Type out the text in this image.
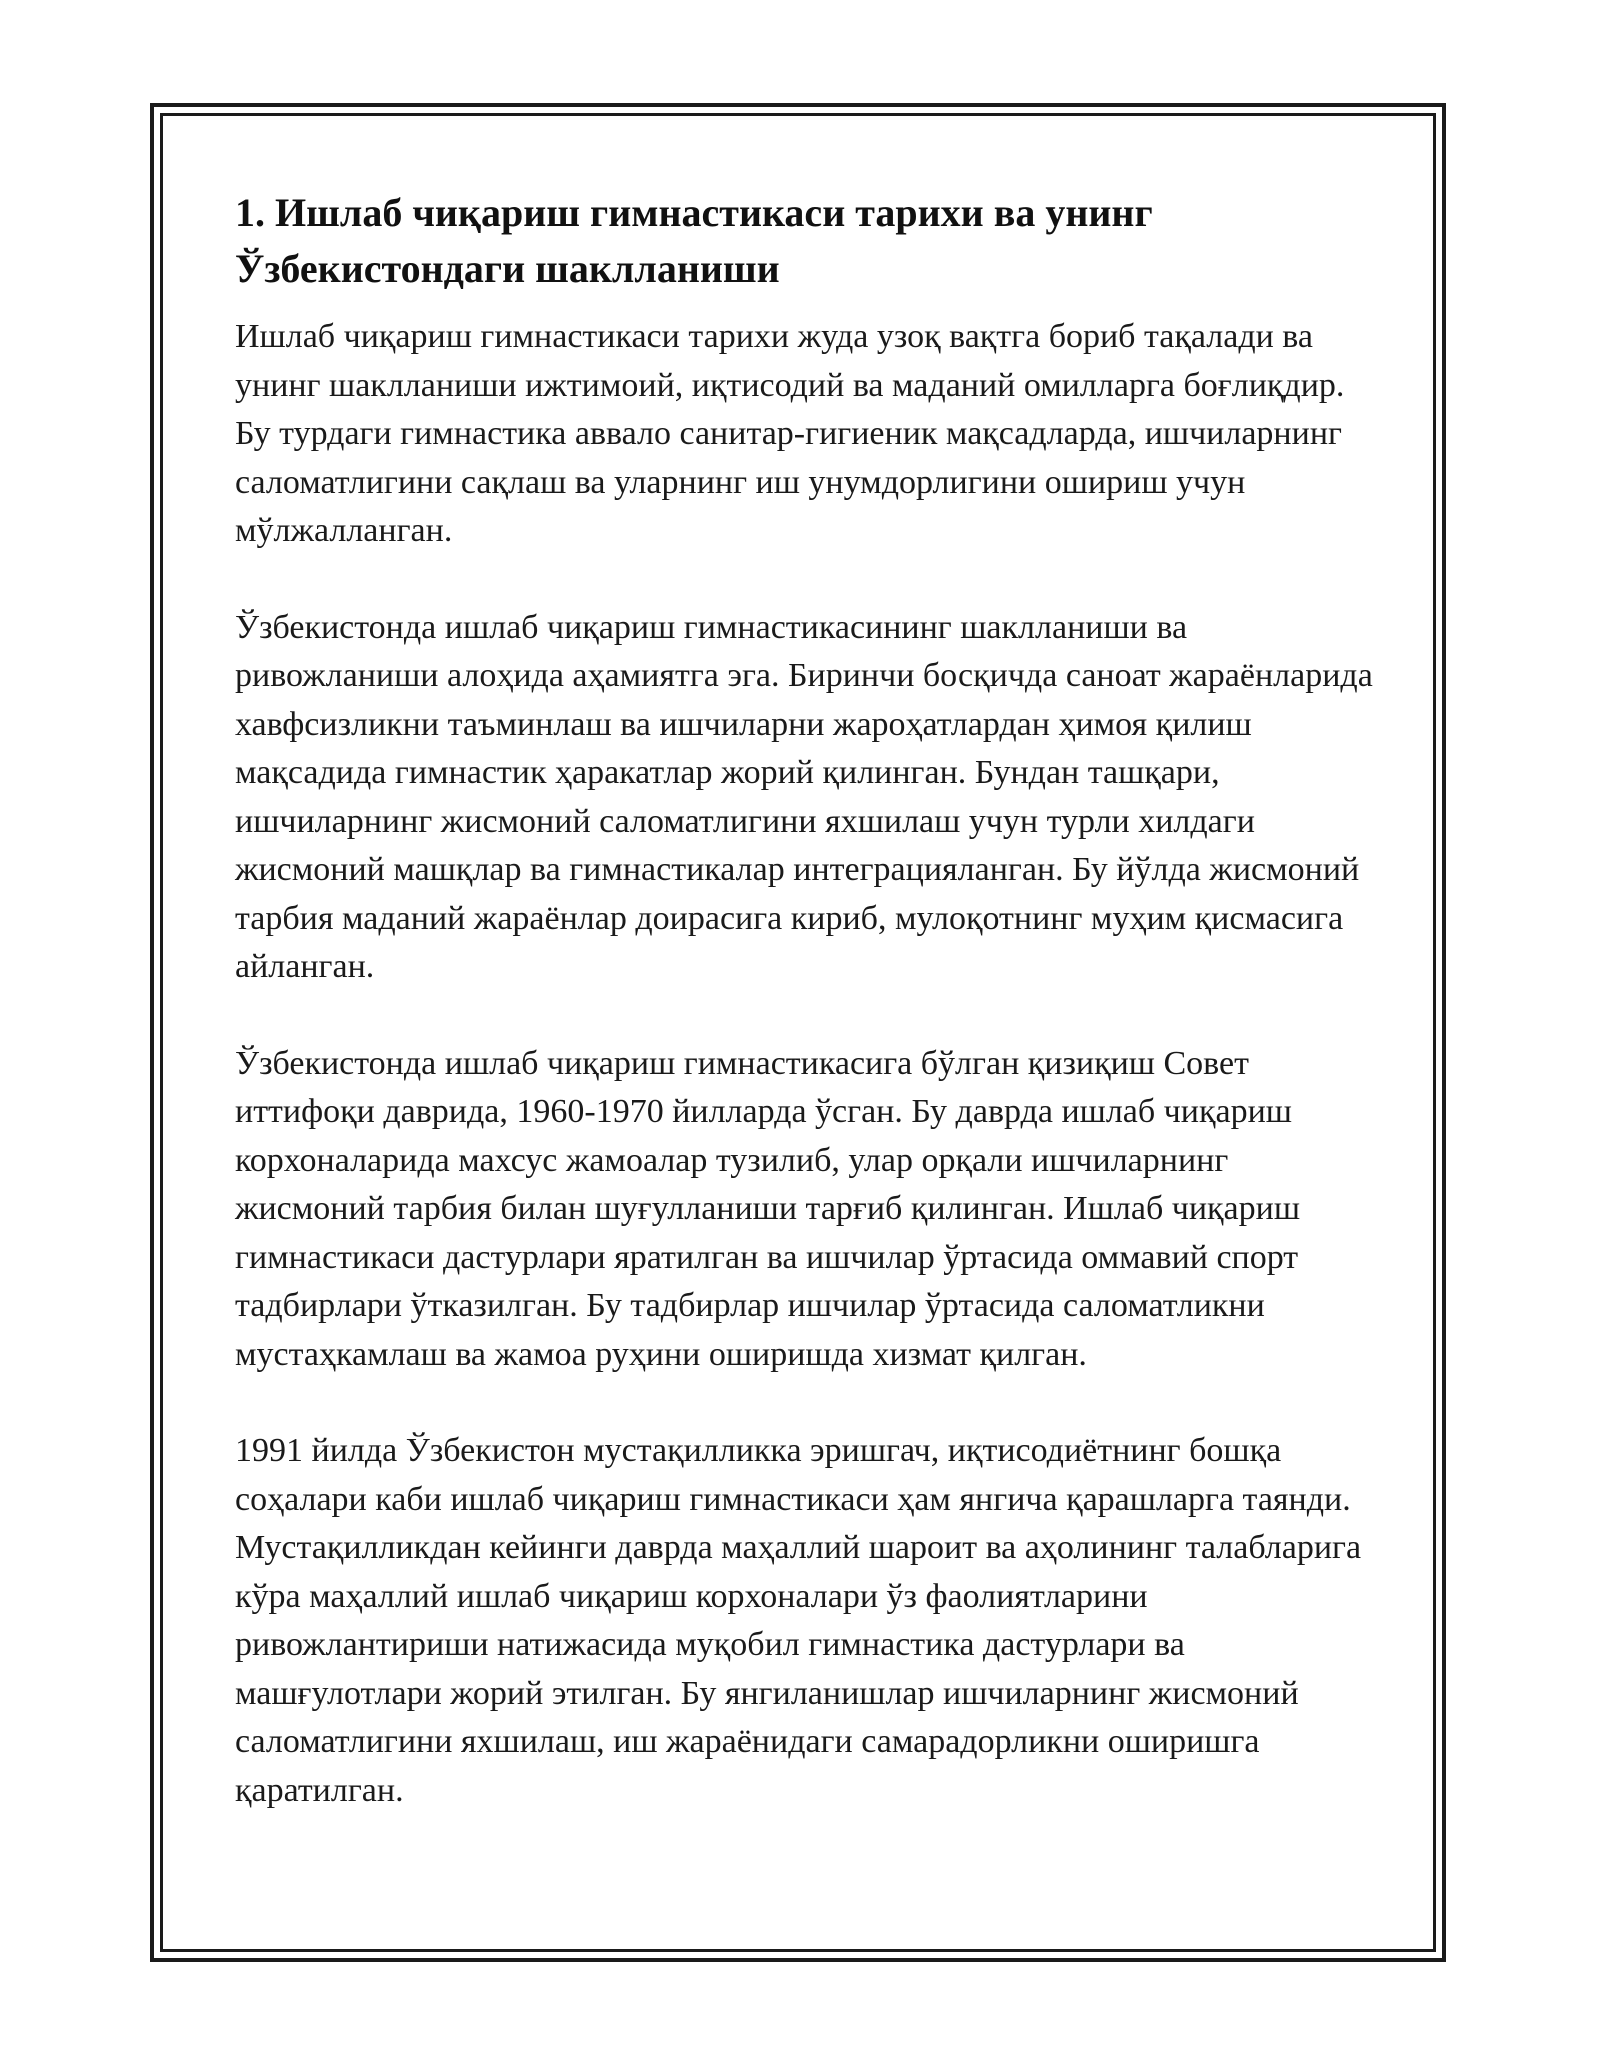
1. Ишлаб чиқариш гимнастикаси тарихи ва унинг
Ўзбекистондаги шаклланиши

Ишлаб чиқариш гимнастикаси тарихи жуда узоқ вақтга бориб тақалади ва унинг шаклланиши ижтимоий, иқтисодий ва маданий омилларга боғлиқдир. Бу турдаги гимнастика аввало санитар-гигиеник мақсадларда, ишчиларнинг саломатлигини сақлаш ва уларнинг иш унумдорлигини ошириш учун мўлжалланган.

Ўзбекистонда ишлаб чиқариш гимнастикасининг шаклланиши ва ривожланиши алоҳида аҳамиятга эга. Биринчи босқичда саноат жараёнларида хавфсизликни таъминлаш ва ишчиларни жароҳатлардан ҳимоя қилиш мақсадида гимнастик ҳаракатлар жорий қилинган. Бундан ташқари, ишчиларнинг жисмоний саломатлигини яхшилаш учун турли хилдаги жисмоний машқлар ва гимнастикалар интеграцияланган. Бу йўлда жисмоний тарбия маданий жараёнлар доирасига кириб, мулоқотнинг муҳим қисмасига айланган.

Ўзбекистонда ишлаб чиқариш гимнастикасига бўлган қизиқиш Совет иттифоқи даврида, 1960-1970 йилларда ўсган. Бу даврда ишлаб чиқариш корхоналарида махсус жамоалар тузилиб, улар орқали ишчиларнинг жисмоний тарбия билан шуғулланиши тарғиб қилинган. Ишлаб чиқариш гимнастикаси дастурлари яратилган ва ишчилар ўртасида оммавий спорт тадбирлари ўтказилган. Бу тадбирлар ишчилар ўртасида саломатликни мустаҳкамлаш ва жамоа руҳини оширишда хизмат қилган.

1991 йилда Ўзбекистон мустақилликка эришгач, иқтисодиётнинг бошқа соҳалари каби ишлаб чиқариш гимнастикаси ҳам янгича қарашларга таянди. Мустақилликдан кейинги даврда маҳаллий шароит ва аҳолининг талабларига кўра маҳаллий ишлаб чиқариш корхоналари ўз фаолиятларини ривожлантириши натижасида муқобил гимнастика дастурлари ва машғулотлари жорий этилган. Бу янгиланишлар ишчиларнинг жисмоний саломатлигини яхшилаш, иш жараёнидаги самарадорликни оширишга қаратилган.
